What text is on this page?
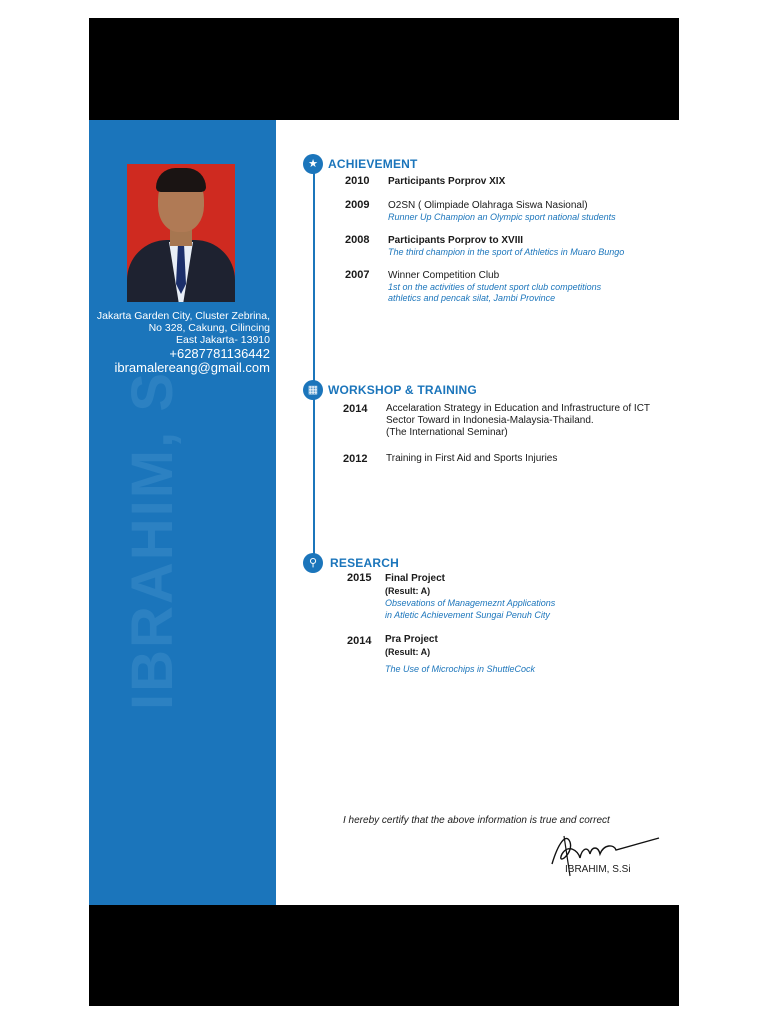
Jakarta Garden City, Cluster Zebrina,
No 328, Cakung, Cilincing
East Jakarta- 13910
+6287781136442
ibramalereang@gmail.com
IBRAHIM, S
★ ACHIEVEMENT
2010 Participants Porprov XIX
2009 O2SN ( Olimpiade Olahraga Siswa Nasional)
Runner Up Champion an Olympic sport national students
2008 Participants Porprov to XVIII
The third champion in the sport of Athletics in Muaro Bungo
2007 Winner Competition Club
1st on the activities of student sport club competitions
athletics and pencak silat, Jambi Province
▦ WORKSHOP & TRAINING
2014 Accelaration Strategy in Education and Infrastructure of ICT
Sector Toward in Indonesia-Malaysia-Thailand.
(The International Seminar)
2012 Training in First Aid and Sports Injuries
⚲	RESEARCH
2015 Final Project
(Result: A)
Obsevations of Managemeznt Applications
in Atletic Achievement Sungai Penuh City
2014 Pra Project
(Result: A)
The Use of Microchips in ShuttleCock
I hereby certify that the above information is true and correct
IBRAHIM, S.Si
